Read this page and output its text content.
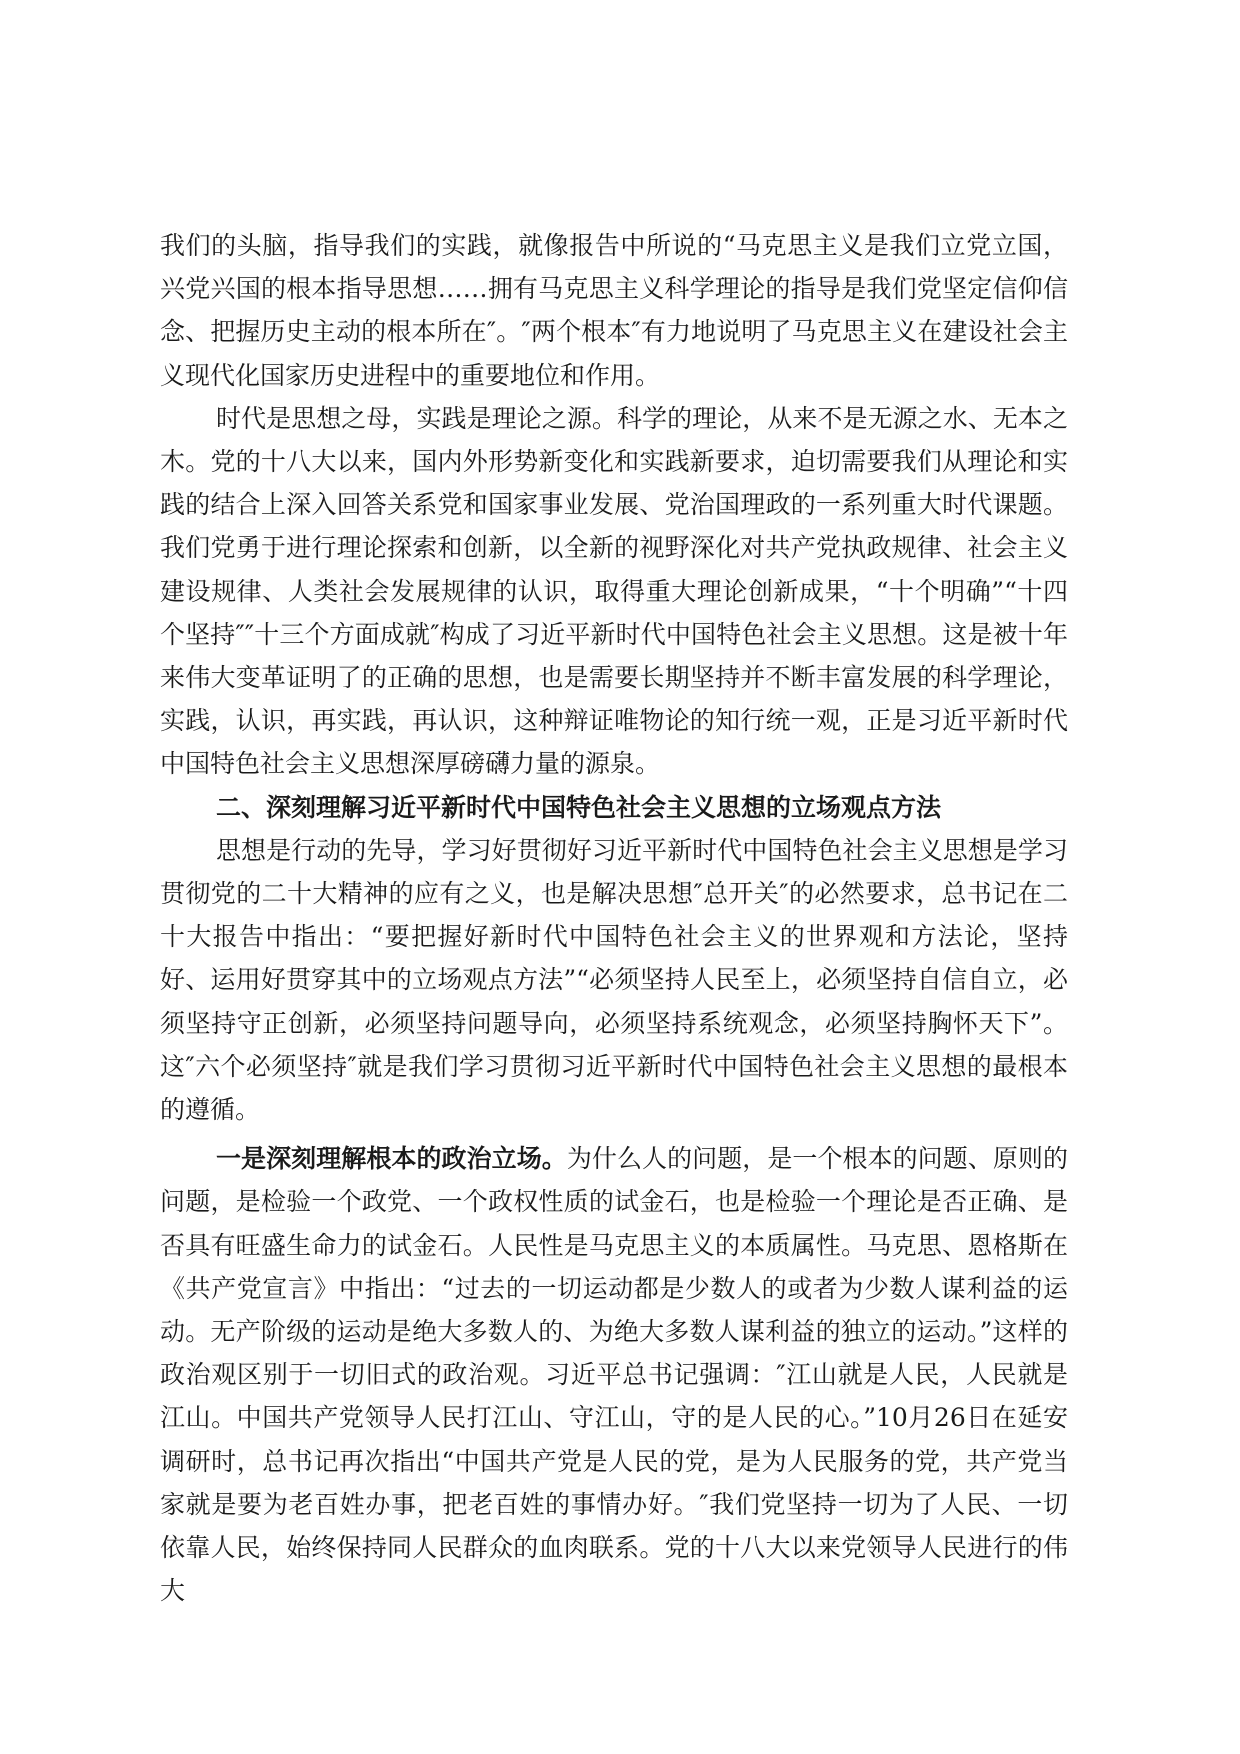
我们的头脑，指导我们的实践，就像报告中所说的“马克思主义是我们立党立国，兴党兴国的根本指导思想……拥有马克思主义科学理论的指导是我们党坚定信仰信念、把握历史主动的根本所在″。″两个根本″有力地说明了马克思主义在建设社会主义现代化国家历史进程中的重要地位和作用。

时代是思想之母，实践是理论之源。科学的理论，从来不是无源之水、无本之木。党的十八大以来，国内外形势新变化和实践新要求，迫切需要我们从理论和实践的结合上深入回答关系党和国家事业发展、党治国理政的一系列重大时代课题。我们党勇于进行理论探索和创新，以全新的视野深化对共产党执政规律、社会主义建设规律、人类社会发展规律的认识，取得重大理论创新成果，“十个明确”“十四个坚持″″十三个方面成就″构成了习近平新时代中国特色社会主义思想。这是被十年来伟大变革证明了的正确的思想，也是需要长期坚持并不断丰富发展的科学理论，实践，认识，再实践，再认识，这种辩证唯物论的知行统一观，正是习近平新时代中国特色社会主义思想深厚磅礴力量的源泉。

二、深刻理解习近平新时代中国特色社会主义思想的立场观点方法

思想是行动的先导，学习好贯彻好习近平新时代中国特色社会主义思想是学习贯彻党的二十大精神的应有之义，也是解决思想″总开关″的必然要求，总书记在二十大报告中指出：“要把握好新时代中国特色社会主义的世界观和方法论，坚持好、运用好贯穿其中的立场观点方法”“必须坚持人民至上，必须坚持自信自立，必须坚持守正创新，必须坚持问题导向，必须坚持系统观念，必须坚持胸怀天下”。这″六个必须坚持″就是我们学习贯彻习近平新时代中国特色社会主义思想的最根本的遵循。

一是深刻理解根本的政治立场。为什么人的问题，是一个根本的问题、原则的问题，是检验一个政党、一个政权性质的试金石，也是检验一个理论是否正确、是否具有旺盛生命力的试金石。人民性是马克思主义的本质属性。马克思、恩格斯在《共产党宣言》中指出：“过去的一切运动都是少数人的或者为少数人谋利益的运动。无产阶级的运动是绝大多数人的、为绝大多数人谋利益的独立的运动。”这样的政治观区别于一切旧式的政治观。习近平总书记强调：″江山就是人民，人民就是江山。中国共产党领导人民打江山、守江山，守的是人民的心。”10月26日在延安调研时，总书记再次指出“中国共产党是人民的党，是为人民服务的党，共产党当家就是要为老百姓办事，把老百姓的事情办好。″我们党坚持一切为了人民、一切依靠人民，始终保持同人民群众的血肉联系。党的十八大以来党领导人民进行的伟大
